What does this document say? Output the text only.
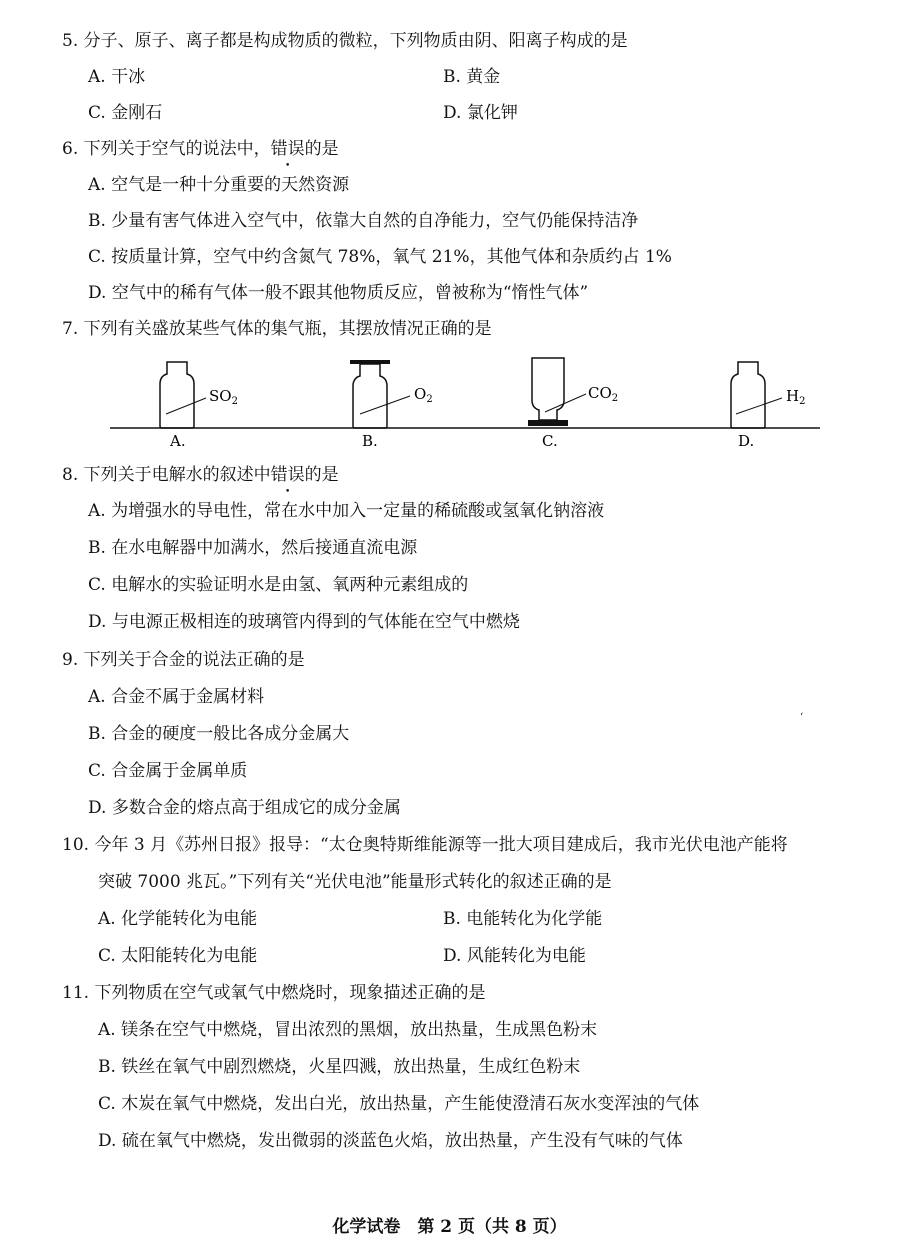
5. 分子、原子、离子都是构成物质的微粒，下列物质由阴、阳离子构成的是
A. 干冰	B. 黄金
C. 金刚石	D. 氯化钾
6. 下列关于空气的说法中，错误的是
A. 空气是一种十分重要的天然资源
B. 少量有害气体进入空气中，依靠大自然的自净能力，空气仍能保持洁净
C. 按质量计算，空气中约含氮气 78%，氧气 21%，其他气体和杂质约占 1%
D. 空气中的稀有气体一般不跟其他物质反应，曾被称为“惰性气体”
7. 下列有关盛放某些气体的集气瓶，其摆放情况正确的是
$SO_2$
A.
$O_2$
B.
$CO_2$
C.
$H_2$
D.
8. 下列关于电解水的叙述中错误的是
A. 为增强水的导电性，常在水中加入一定量的稀硫酸或氢氧化钠溶液
B. 在水电解器中加满水，然后接通直流电源
C. 电解水的实验证明水是由氢、氧两种元素组成的
D. 与电源正极相连的玻璃管内得到的气体能在空气中燃烧
9. 下列关于合金的说法正确的是
A. 合金不属于金属材料
B. 合金的硬度一般比各成分金属大
ʻ
C. 合金属于金属单质
D. 多数合金的熔点高于组成它的成分金属
10. 今年 3 月《苏州日报》报导：“太仓奥特斯维能源等一批大项目建成后，我市光伏电池产能将
突破 7000 兆瓦。”下列有关“光伏电池”能量形式转化的叙述正确的是
A. 化学能转化为电能	B. 电能转化为化学能
C. 太阳能转化为电能	D. 风能转化为电能
11. 下列物质在空气或氧气中燃烧时，现象描述正确的是
A. 镁条在空气中燃烧，冒出浓烈的黑烟，放出热量，生成黑色粉末
B. 铁丝在氧气中剧烈燃烧，火星四溅，放出热量，生成红色粉末
C. 木炭在氧气中燃烧，发出白光，放出热量，产生能使澄清石灰水变浑浊的气体
D. 硫在氧气中燃烧，发出微弱的淡蓝色火焰，放出热量，产生没有气味的气体
化学试卷　第 2 页（共 8 页）
